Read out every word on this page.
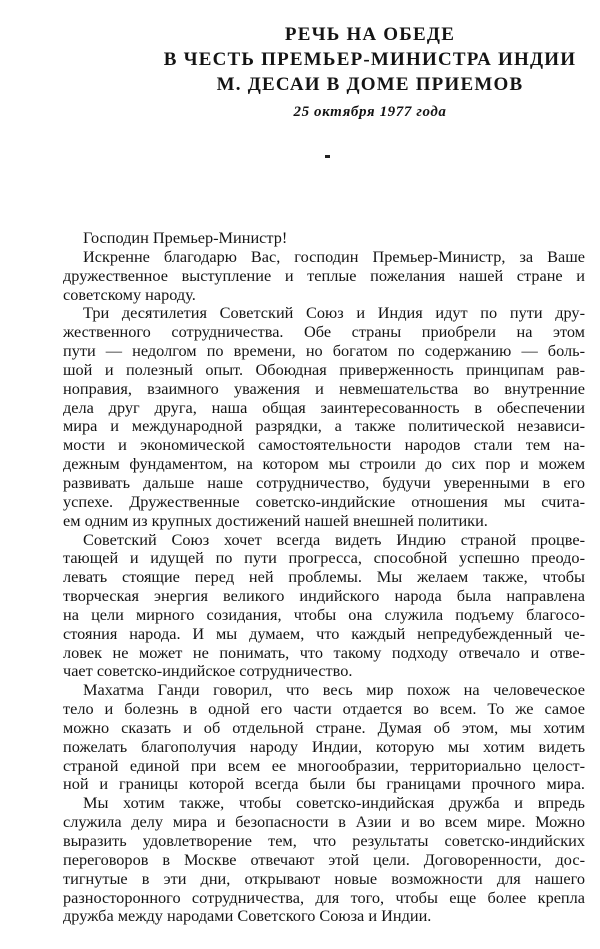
РЕЧЬ НА ОБЕДЕ
В ЧЕСТЬ ПРЕМЬЕР-МИНИСТРА ИНДИИ
М. ДЕСАИ В ДОМЕ ПРИЕМОВ
25 октября 1977 года
Господин Премьер-Министр!
Искренне благодарю Вас, господин Премьер-Министр, за Ваше
дружественное выступление и теплые пожелания нашей стране и
советскому народу.
Три десятилетия Советский Союз и Индия идут по пути дру-
жественного сотрудничества. Обе страны приобрели на этом
пути — недолгом по времени, но богатом по содержанию — боль-
шой и полезный опыт. Обоюдная приверженность принципам рав-
ноправия, взаимного уважения и невмешательства во внутренние
дела друг друга, наша общая заинтересованность в обеспечении
мира и международной разрядки, а также политической независи-
мости и экономической самостоятельности народов стали тем на-
дежным фундаментом, на котором мы строили до сих пор и можем
развивать дальше наше сотрудничество, будучи уверенными в его
успехе. Дружественные советско-индийские отношения мы счита-
ем одним из крупных достижений нашей внешней политики.
Советский Союз хочет всегда видеть Индию страной процве-
тающей и идущей по пути прогресса, способной успешно преодо-
левать стоящие перед ней проблемы. Мы желаем также, чтобы
творческая энергия великого индийского народа была направлена
на цели мирного созидания, чтобы она служила подъему благосо-
стояния народа. И мы думаем, что каждый непредубежденный че-
ловек не может не понимать, что такому подходу отвечало и отве-
чает советско-индийское сотрудничество.
Махатма Ганди говорил, что весь мир похож на человеческое
тело и болезнь в одной его части отдается во всем. То же самое
можно сказать и об отдельной стране. Думая об этом, мы хотим
пожелать благополучия народу Индии, которую мы хотим видеть
страной единой при всем ее многообразии, территориально целост-
ной и границы которой всегда были бы границами прочного мира.
Мы хотим также, чтобы советско-индийская дружба и впредь
служила делу мира и безопасности в Азии и во всем мире. Можно
выразить удовлетворение тем, что результаты советско-индийских
переговоров в Москве отвечают этой цели. Договоренности, дос-
тигнутые в эти дни, открывают новые возможности для нашего
разносторонного сотрудничества, для того, чтобы еще более крепла
дружба между народами Советского Союза и Индии.
